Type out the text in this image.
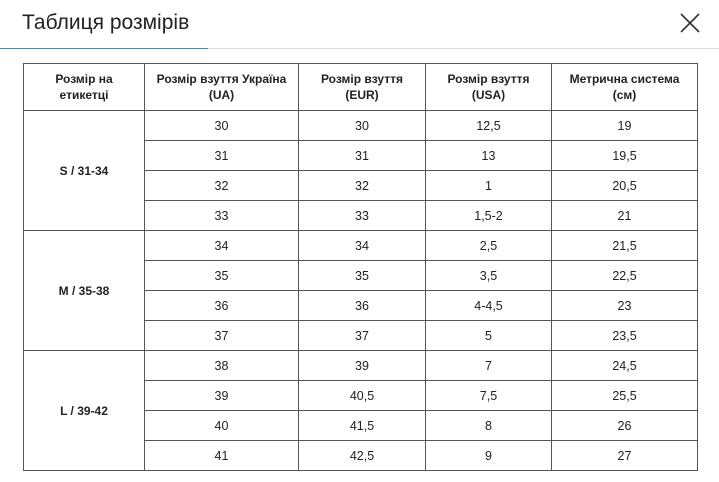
Таблиця розмірів
Розмір на етикетці	Розмір взуття Україна (UA)	Розмір взуття (EUR)	Розмір взуття (USA)	Метрична система (см)
S / 31-34	30	30	12,5	19
	31	31	13	19,5
	32	32	1	20,5
	33	33	1,5-2	21
M / 35-38	34	34	2,5	21,5
	35	35	3,5	22,5
	36	36	4-4,5	23
	37	37	5	23,5
L / 39-42	38	39	7	24,5
	39	40,5	7,5	25,5
	40	41,5	8	26
	41	42,5	9	27
